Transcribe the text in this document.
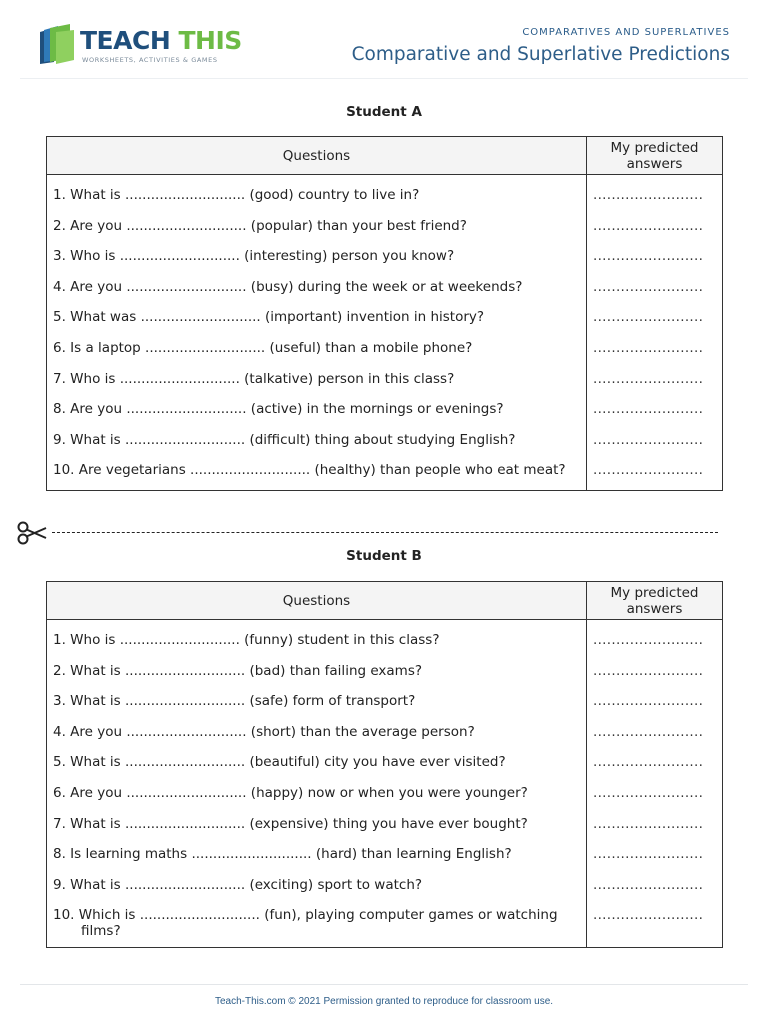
TEACH THIS
WORKSHEETS, ACTIVITIES & GAMES
COMPARATIVES AND SUPERLATIVES
Comparative and Superlative Predictions
Student A
Questions	My predicted answers

1. What is ............................ (good) country to live in?	........................
2. Are you ............................ (popular) than your best friend?	........................
3. Who is ............................ (interesting) person you know?	........................
4. Are you ............................ (busy) during the week or at weekends?	........................
5. What was ............................ (important) invention in history?	........................
6. Is a laptop ............................ (useful) than a mobile phone?	........................
7. Who is ............................ (talkative) person in this class?	........................
8. Are you ............................ (active) in the mornings or evenings?	........................
9. What is ............................ (difficult) thing about studying English?	........................
10. Are vegetarians ............................ (healthy) than people who eat meat?	........................
Student B
Questions	My predicted answers

1. Who is ............................ (funny) student in this class?	........................
2. What is ............................ (bad) than failing exams?	........................
3. What is ............................ (safe) form of transport?	........................
4. Are you ............................ (short) than the average person?	........................
5. What is ............................ (beautiful) city you have ever visited?	........................
6. Are you ............................ (happy) now or when you were younger?	........................
7. What is ............................ (expensive) thing you have ever bought?	........................
8. Is learning maths ............................ (hard) than learning English?	........................
9. What is ............................ (exciting) sport to watch?	........................
10. Which is ............................ (fun), playing computer games or watching films?	........................
Teach-This.com © 2021 Permission granted to reproduce for classroom use.
